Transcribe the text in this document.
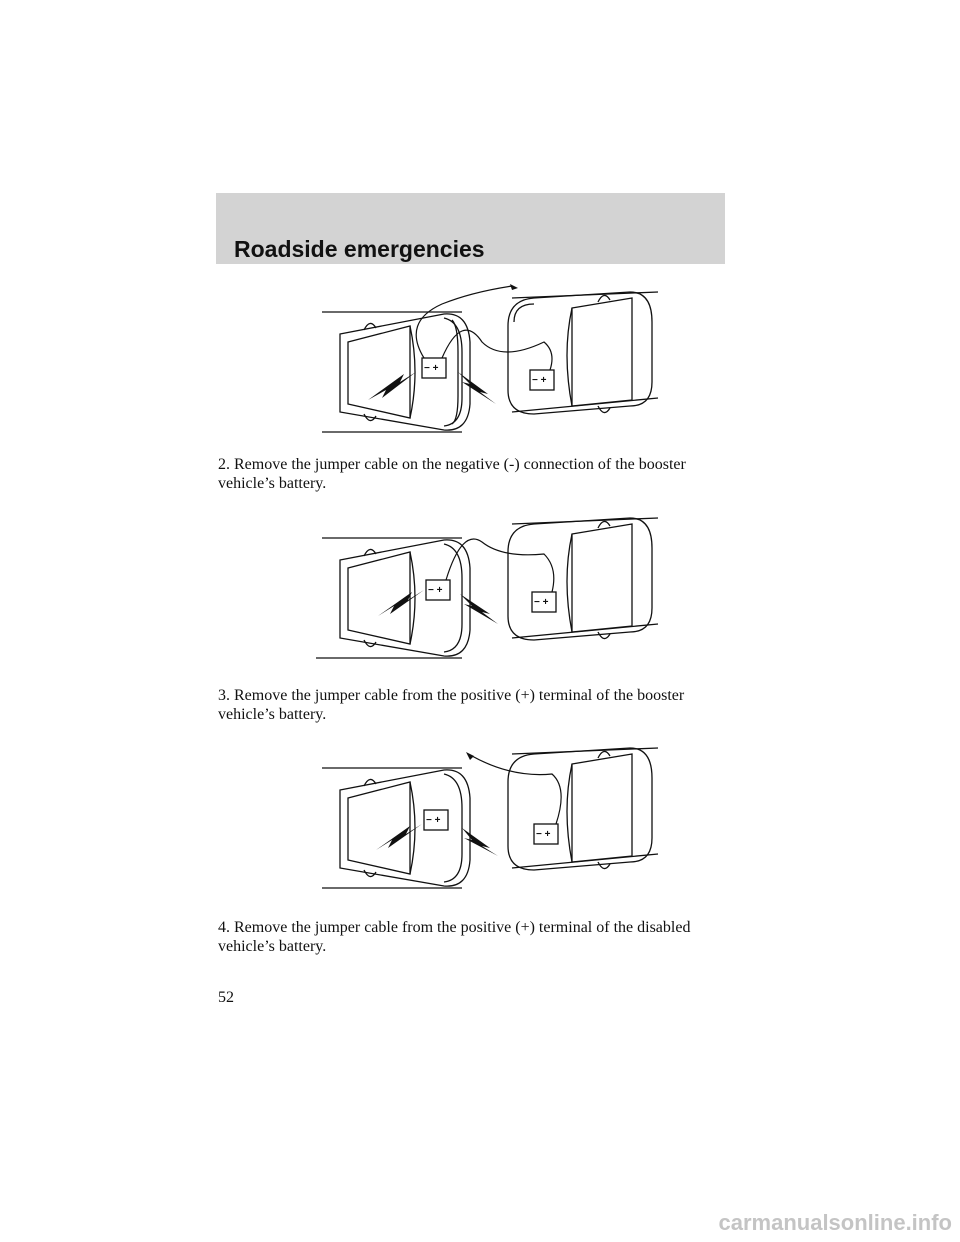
Roadside emergencies
− +
− +

2. Remove the jumper cable on the negative (-) connection of the booster vehicle’s battery.

− +
− +

3. Remove the jumper cable from the positive (+) terminal of the booster vehicle’s battery.

− +
− +

4. Remove the jumper cable from the positive (+) terminal of the disabled vehicle’s battery.

52

carmanualsonline.info
